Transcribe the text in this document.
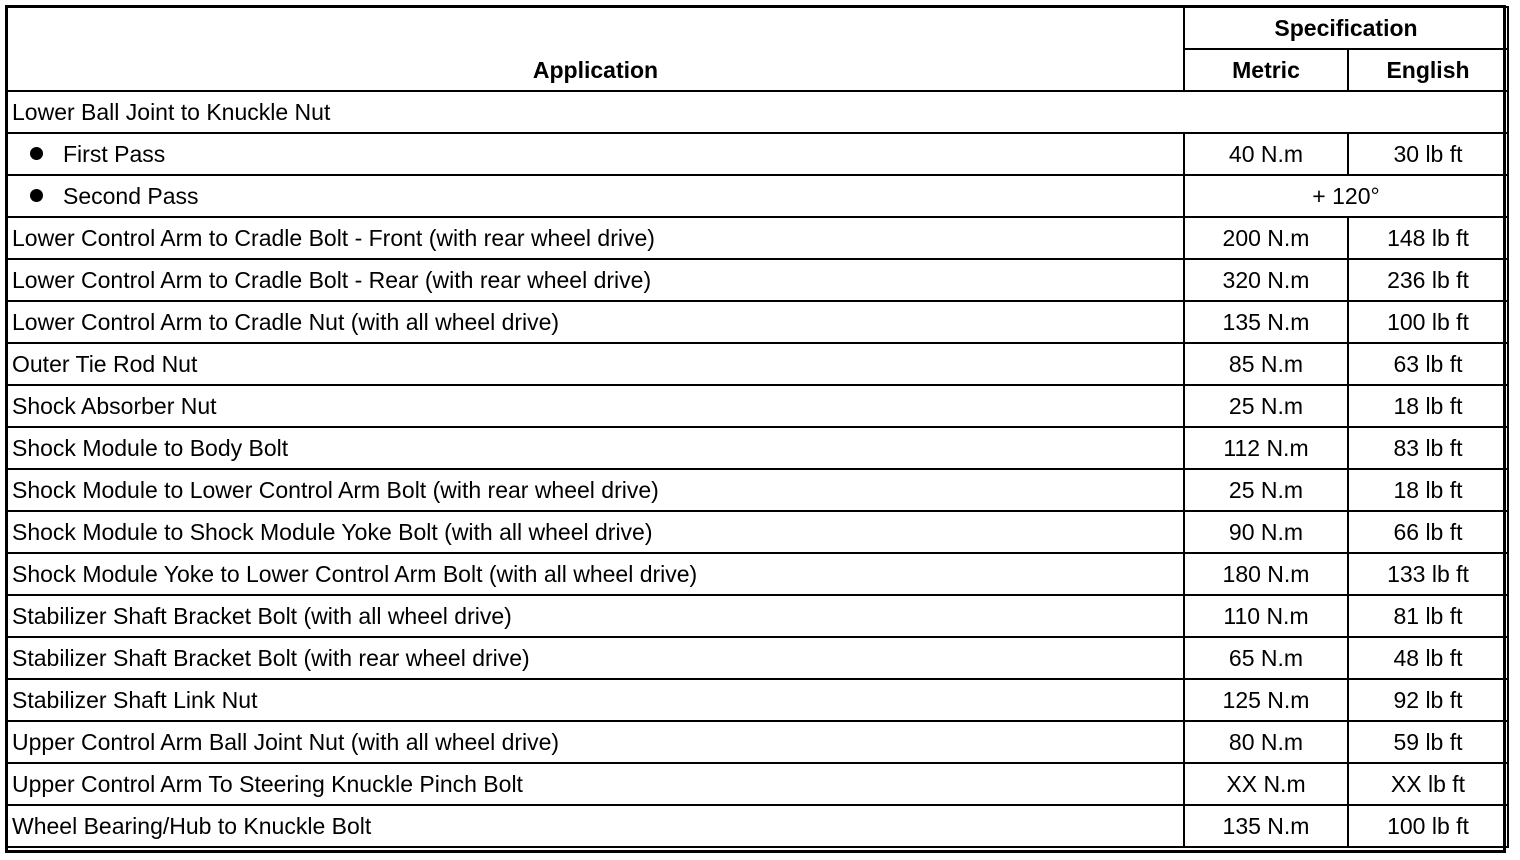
Application	Specification	
	Metric	English
Lower Ball Joint to Knuckle Nut		
First Pass	40 N.m	30 lb ft
Second Pass	+ 120°	
Lower Control Arm to Cradle Bolt - Front (with rear wheel drive)	200 N.m	148 lb ft
Lower Control Arm to Cradle Bolt - Rear (with rear wheel drive)	320 N.m	236 lb ft
Lower Control Arm to Cradle Nut (with all wheel drive)	135 N.m	100 lb ft
Outer Tie Rod Nut	85 N.m	63 lb ft
Shock Absorber Nut	25 N.m	18 lb ft
Shock Module to Body Bolt	112 N.m	83 lb ft
Shock Module to Lower Control Arm Bolt (with rear wheel drive)	25 N.m	18 lb ft
Shock Module to Shock Module Yoke Bolt (with all wheel drive)	90 N.m	66 lb ft
Shock Module Yoke to Lower Control Arm Bolt (with all wheel drive)	180 N.m	133 lb ft
Stabilizer Shaft Bracket Bolt (with all wheel drive)	110 N.m	81 lb ft
Stabilizer Shaft Bracket Bolt (with rear wheel drive)	65 N.m	48 lb ft
Stabilizer Shaft Link Nut	125 N.m	92 lb ft
Upper Control Arm Ball Joint Nut (with all wheel drive)	80 N.m	59 lb ft
Upper Control Arm To Steering Knuckle Pinch Bolt	XX N.m	XX lb ft
Wheel Bearing/Hub to Knuckle Bolt	135 N.m	100 lb ft
